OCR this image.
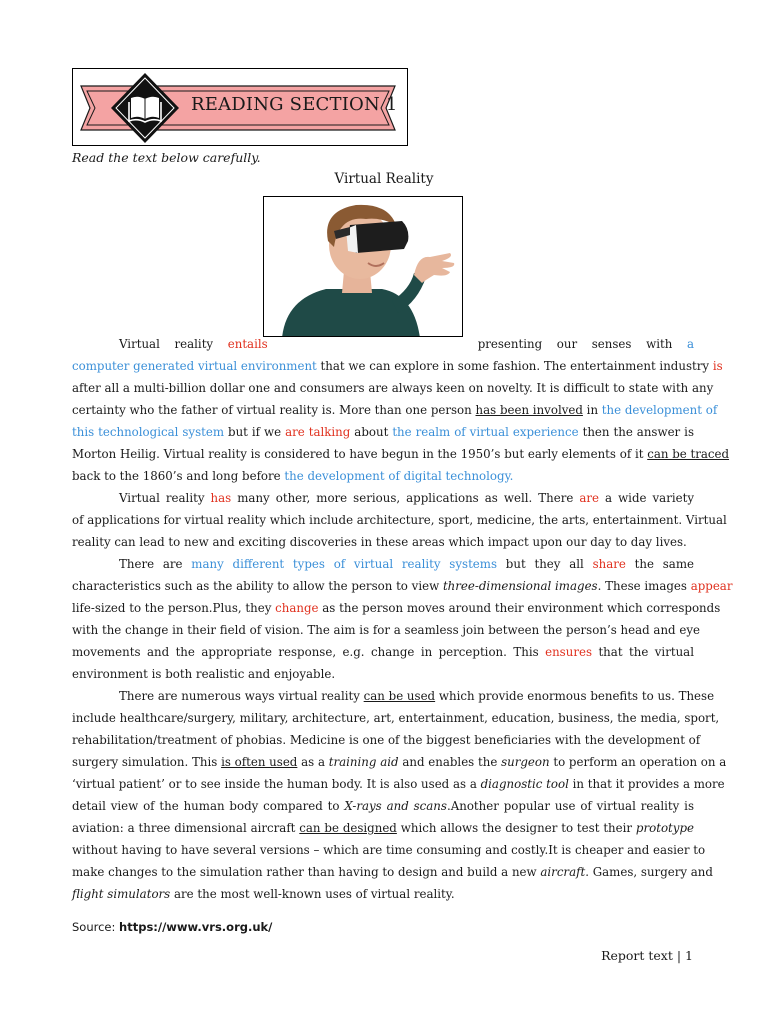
READING SECTION 1
Read the text below carefully.
Virtual Reality
Virtual reality entails	presenting our senses with a
computer generated virtual environment that we can explore in some fashion. The entertainment industry is
after all a multi-billion dollar one and consumers are always keen on novelty. It is difficult to state with any
certainty who the father of virtual reality is. More than one person has been involved in the development of
this technological system but if we are talking about the realm of virtual experience then the answer is
Morton Heilig. Virtual reality is considered to have begun in the 1950’s but early elements of it can be traced
back to the 1860’s and long before the development of digital technology.
Virtual reality has many other, more serious, applications as well. There are a wide variety
of applications for virtual reality which include architecture, sport, medicine, the arts, entertainment. Virtual
reality can lead to new and exciting discoveries in these areas which impact upon our day to day lives.
There are many different types of virtual reality systems but they all share the same
characteristics such as the ability to allow the person to view three-dimensional images. These images appear
life-sized to the person.Plus, they change as the person moves around their environment which corresponds
with the change in their field of vision. The aim is for a seamless join between the person’s head and eye
movements and the appropriate response, e.g. change in perception. This ensures that the virtual
environment is both realistic and enjoyable.
There are numerous ways virtual reality can be used which provide enormous benefits to us. These
include healthcare/surgery, military, architecture, art, entertainment, education, business, the media, sport,
rehabilitation/treatment of phobias. Medicine is one of the biggest beneficiaries with the development of
surgery simulation. This is often used as a training aid and enables the surgeon to perform an operation on a
‘virtual patient’ or to see inside the human body. It is also used as a diagnostic tool in that it provides a more
detail view of the human body compared to X-rays and scans.Another popular use of virtual reality is
aviation: a three dimensional aircraft can be designed which allows the designer to test their prototype
without having to have several versions – which are time consuming and costly.It is cheaper and easier to
make changes to the simulation rather than having to design and build a new aircraft. Games, surgery and
flight simulators are the most well-known uses of virtual reality.
Source: https://www.vrs.org.uk/
Report text | 1
